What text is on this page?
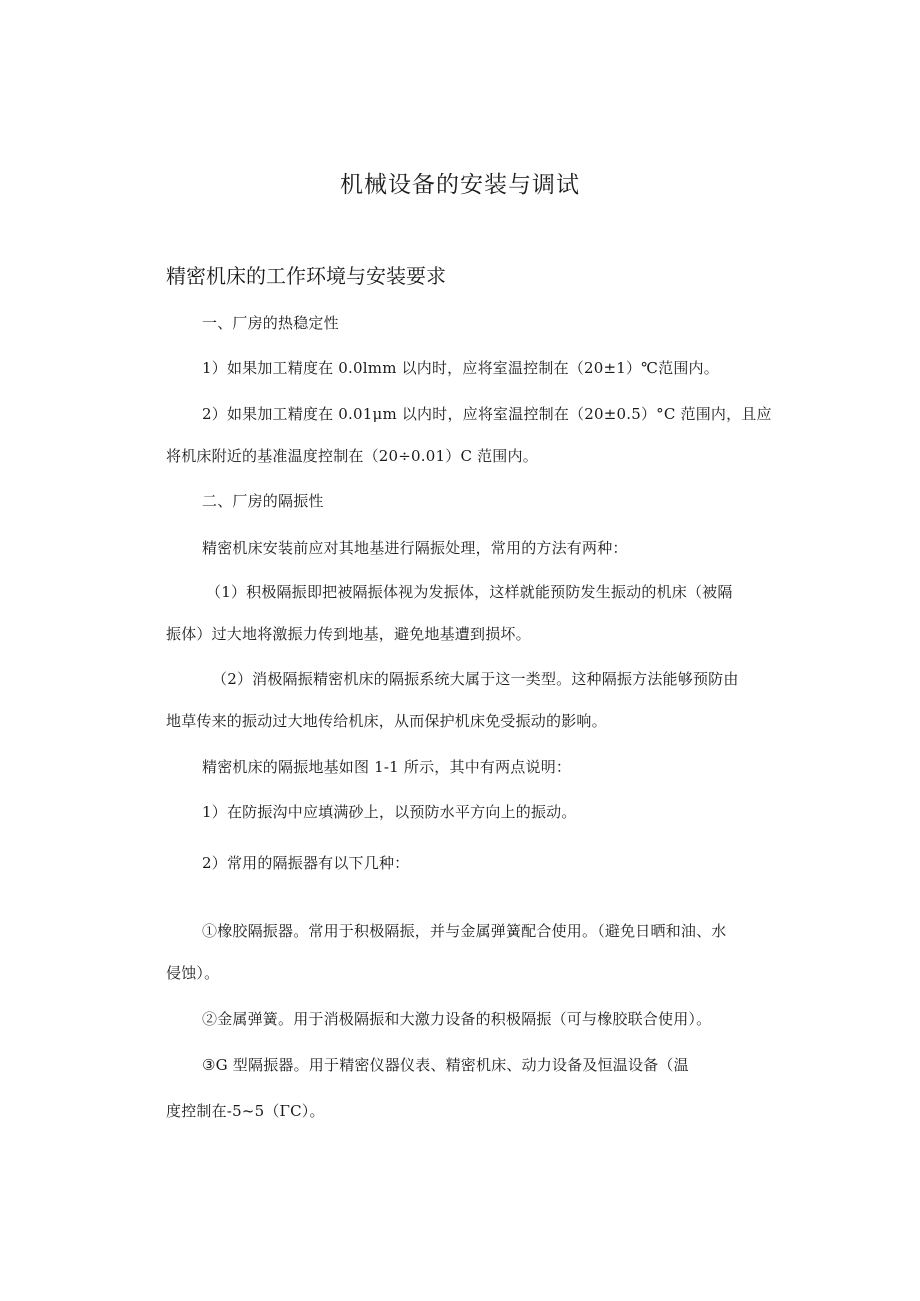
机械设备的安装与调试
精密机床的工作环境与安装要求
一、厂房的热稳定性
1）如果加工精度在 0.0lmm 以内时，应将室温控制在（20±1）℃范围内。
2）如果加工精度在 0.01μm 以内时，应将室温控制在（20±0.5）°C 范围内，且应
将机床附近的基准温度控制在（20÷0.01）C 范围内。
二、厂房的隔振性
精密机床安装前应对其地基进行隔振处理，常用的方法有两种：
（1）积极隔振即把被隔振体视为发振体，这样就能预防发生振动的机床（被隔
振体）过大地将激振力传到地基，避免地基遭到损坏。
（2）消极隔振精密机床的隔振系统大属于这一类型。这种隔振方法能够预防由
地草传来的振动过大地传给机床，从而保护机床免受振动的影响。
精密机床的隔振地基如图 1-1 所示，其中有两点说明：
1）在防振沟中应填满砂上，以预防水平方向上的振动。
2）常用的隔振器有以下几种：
①橡胶隔振器。常用于积极隔振，并与金属弹簧配合使用。（避免日晒和油、水
侵蚀）。
②金属弹簧。用于消极隔振和大激力设备的积极隔振（可与橡胶联合使用）。
③G 型隔振器。用于精密仪器仪表、精密机床、动力设备及恒温设备（温
度控制在-5~5（ΓC）。
